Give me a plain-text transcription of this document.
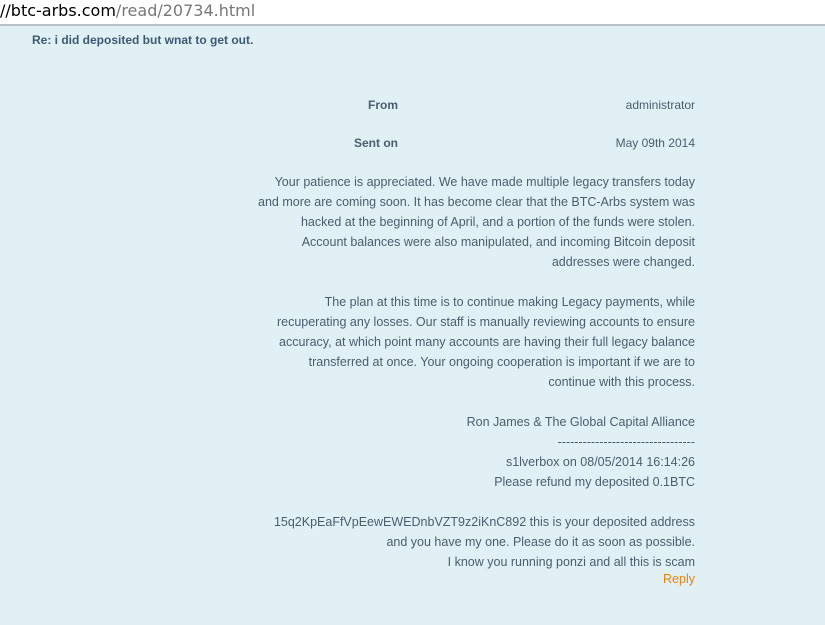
//btc-arbs.com/read/20734.html
Re: i did deposited but wnat to get out.
From	administrator
Sent on	May 09th 2014

Your patience is appreciated. We have made multiple legacy transfers today

and more are coming soon. It has become clear that the BTC-Arbs system was

hacked at the beginning of April, and a portion of the funds were stolen.

Account balances were also manipulated, and incoming Bitcoin deposit

addresses were changed.

The plan at this time is to continue making Legacy payments, while

recuperating any losses. Our staff is manually reviewing accounts to ensure

accuracy, at which point many accounts are having their full legacy balance

transferred at once. Your ongoing cooperation is important if we are to

continue with this process.

Ron James & The Global Capital Alliance

---------------------------------

s1lverbox on 08/05/2014 16:14:26

Please refund my deposited 0.1BTC

15q2KpEaFfVpEewEWEDnbVZT9z2iKnC892 this is your deposited address

and you have my one. Please do it as soon as possible.

I know you running ponzi and all this is scam

Reply
